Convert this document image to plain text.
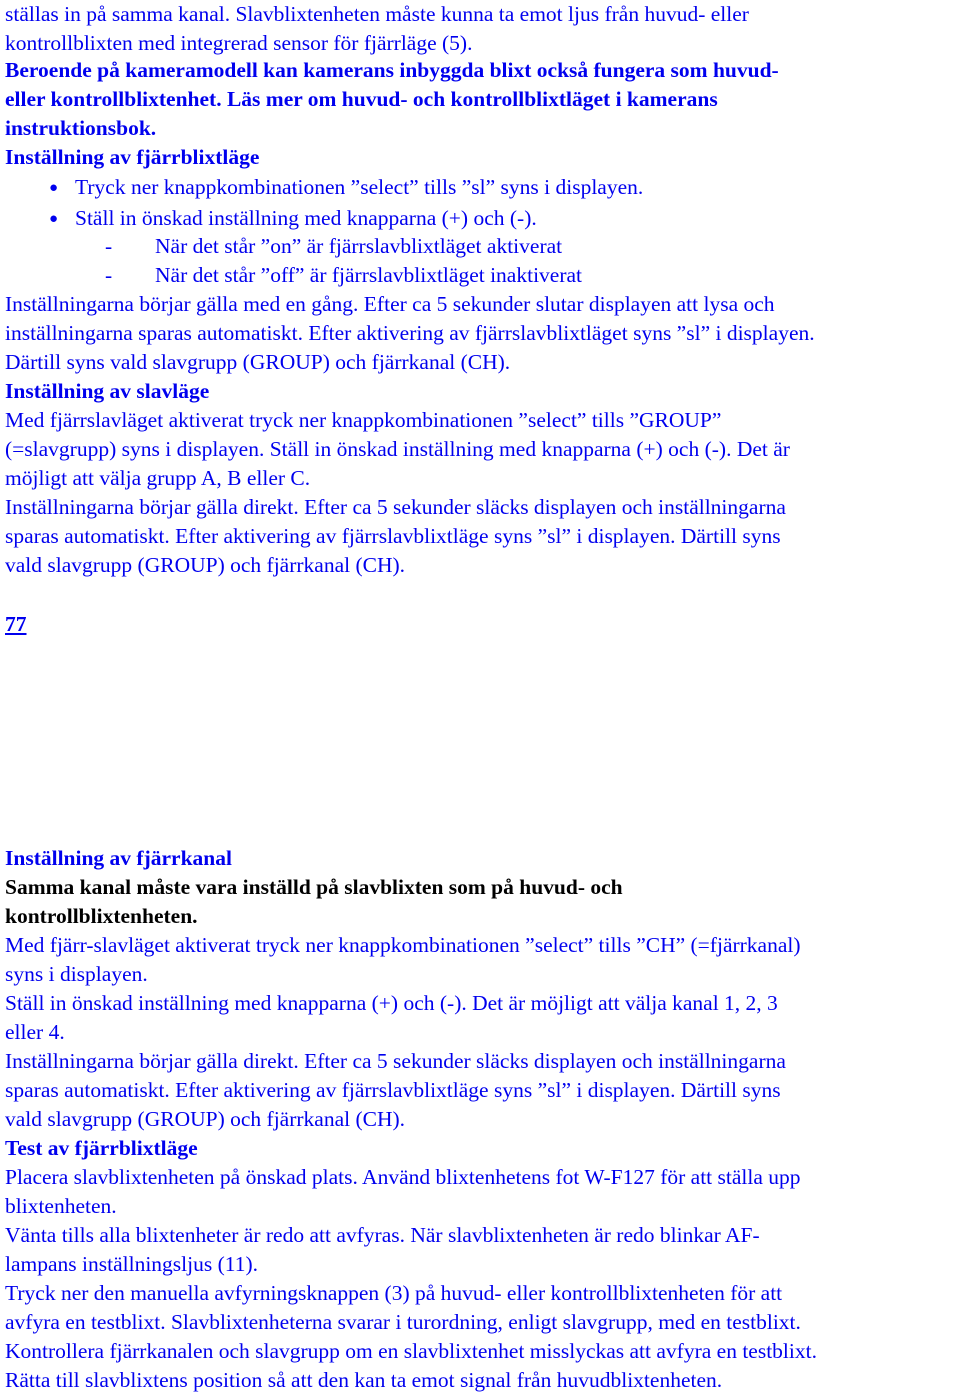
ställas in på samma kanal. Slavblixtenheten måste kunna ta emot ljus från huvud- eller
kontrollblixten med integrerad sensor för fjärrläge (5).
Beroende på kameramodell kan kamerans inbyggda blixt också fungera som huvud-
eller kontrollblixtenhet. Läs mer om huvud- och kontrollblixtläget i kamerans
instruktionsbok.
Inställning av fjärrblixtläge
● Tryck ner knappkombinationen ”select” tills ”sl” syns i displayen.
● Ställ in önskad inställning med knapparna (+) och (-).
- När det står ”on” är fjärrslavblixtläget aktiverat
- När det står ”off” är fjärrslavblixtläget inaktiverat
Inställningarna börjar gälla med en gång. Efter ca 5 sekunder slutar displayen att lysa och
inställningarna sparas automatiskt. Efter aktivering av fjärrslavblixtläget syns ”sl” i displayen.
Därtill syns vald slavgrupp (GROUP) och fjärrkanal (CH).
Inställning av slavläge
Med fjärrslavläget aktiverat tryck ner knappkombinationen ”select” tills ”GROUP”
(=slavgrupp) syns i displayen. Ställ in önskad inställning med knapparna (+) och (-). Det är
möjligt att välja grupp A, B eller C.
Inställningarna börjar gälla direkt. Efter ca 5 sekunder släcks displayen och inställningarna
sparas automatiskt. Efter aktivering av fjärrslavblixtläge syns ”sl” i displayen. Därtill syns
vald slavgrupp (GROUP) och fjärrkanal (CH).
77
Inställning av fjärrkanal
Samma kanal måste vara inställd på slavblixten som på huvud- och
kontrollblixtenheten.
Med fjärr-slavläget aktiverat tryck ner knappkombinationen ”select” tills ”CH” (=fjärrkanal)
syns i displayen.
Ställ in önskad inställning med knapparna (+) och (-). Det är möjligt att välja kanal 1, 2, 3
eller 4.
Inställningarna börjar gälla direkt. Efter ca 5 sekunder släcks displayen och inställningarna
sparas automatiskt. Efter aktivering av fjärrslavblixtläge syns ”sl” i displayen. Därtill syns
vald slavgrupp (GROUP) och fjärrkanal (CH).
Test av fjärrblixtläge
Placera slavblixtenheten på önskad plats. Använd blixtenhetens fot W-F127 för att ställa upp
blixtenheten.
Vänta tills alla blixtenheter är redo att avfyras. När slavblixtenheten är redo blinkar AF-
lampans inställningsljus (11).
Tryck ner den manuella avfyrningsknappen (3) på huvud- eller kontrollblixtenheten för att
avfyra en testblixt. Slavblixtenheterna svarar i turordning, enligt slavgrupp, med en testblixt.
Kontrollera fjärrkanalen och slavgrupp om en slavblixtenhet misslyckas att avfyra en testblixt.
Rätta till slavblixtens position så att den kan ta emot signal från huvudblixtenheten.
